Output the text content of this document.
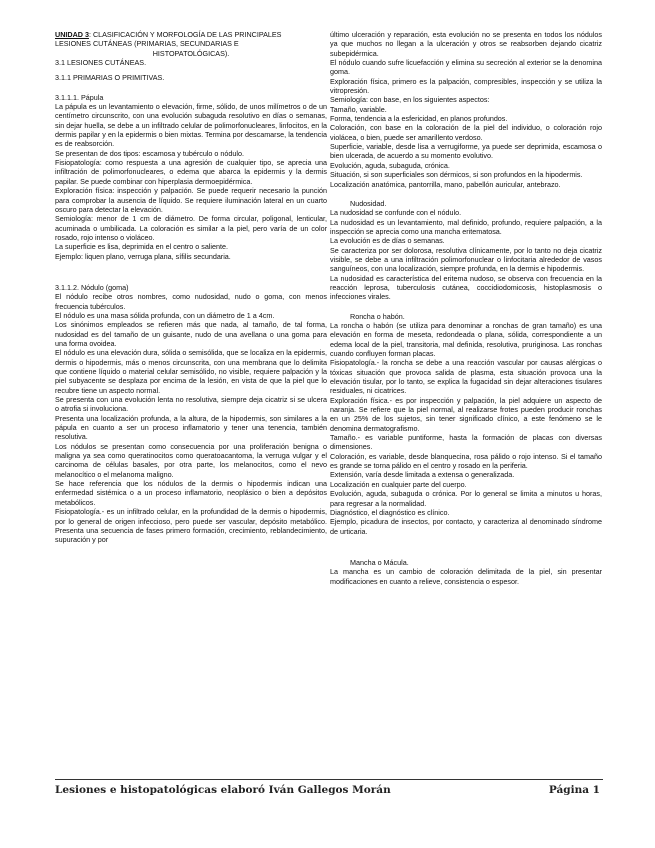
UNIDAD 3: CLASIFICACIÓN Y MORFOLOGÍA DE LAS PRINCIPALES

LESIONES CUTÁNEAS (PRIMARIAS, SECUNDARIAS E

HISTOPATOLÓGICAS).

3.1 LESIONES CUTÁNEAS.

3.1.1 PRIMARIAS O PRIMITIVAS.

3.1.1.1. Pápula

La pápula es un levantamiento o elevación, firme, sólido, de unos milímetros o de un centímetro circunscrito, con una evolución subaguda resolutivo en días o semanas, sin dejar huella, se debe a un infiltrado celular de polimorfonucleares, linfocitos, en la dermis papilar y en la epidermis o bien mixtas. Termina por descamarse, la tendencia es de reabsorción.

Se presentan de dos tipos: escamosa y tubérculo o nódulo.

Fisiopatología: como respuesta a una agresión de cualquier tipo, se aprecia una infiltración de polimorfonucleares, o edema que abarca la epidermis y la dermis papilar. Se puede combinar con hiperplasia dermoepidérmica.

Exploración física: inspección y palpación. Se puede requerir necesario la punción para comprobar la ausencia de líquido. Se requiere iluminación lateral en un cuarto oscuro para detectar la elevación.

Semiología: menor de 1 cm de diámetro. De forma circular, poligonal, lenticular, acuminada o umbilicada. La coloración es similar a la piel, pero varía de un color rosado, rojo intenso o violáceo.

La superficie es lisa, deprimida en el centro o saliente.

Ejemplo: liquen plano, verruga plana, sífilis secundaria.

3.1.1.2. Nódulo (goma)

El nódulo recibe otros nombres, como nudosidad, nudo o goma, con menos frecuencia tubérculos.

El nódulo es una masa sólida profunda, con un diámetro de 1 a 4cm.

Los sinónimos empleados se refieren más que nada, al tamaño, de tal forma, nudosidad es del tamaño de un guisante, nudo de una avellana o una goma para una forma ovoidea.

El nódulo es una elevación dura, sólida o semisólida, que se localiza en la epidermis, dermis o hipodermis, más o menos circunscrita, con una membrana que lo delimita que contiene líquido o material celular semisólido, no visible, requiere palpación y la piel subyacente se desplaza por encima de la lesión, en vista de que la piel que lo recubre tiene un aspecto normal.

Se presenta con una evolución lenta no resolutiva, siempre deja cicatriz si se ulcera o atrofia si involuciona.

Presenta una localización profunda, a la altura, de la hipodermis, son similares a la pápula en cuanto a ser un proceso inflamatorio y tener una tenencia, también resolutiva.

Los nódulos se presentan como consecuencia por una proliferación benigna o maligna ya sea como queratinocitos como queratoacantoma, la verruga vulgar y el carcinoma de células basales, por otra parte, los melanocitos, como el nevo melanocítico o el melanoma maligno.

Se hace referencia que los nódulos de la dermis o hipodermis indican una enfermedad sistémica o a un proceso inflamatorio, neoplásico o bien a depósitos metabólicos.

Fisiopatología.- es un infiltrado celular, en la profundidad de la dermis o hipodermis, por lo general de origen infeccioso, pero puede ser vascular, depósito metabólico. Presenta una secuencia de fases primero formación, crecimiento, reblandecimiento, supuración y por

último ulceración y reparación, esta evolución no se presenta en todos los nódulos ya que muchos no llegan a la ulceración y otros se reabsorben dejando cicatriz subepidérmica.

El nódulo cuando sufre licuefacción y elimina su secreción al exterior se la denomina goma.

Exploración física, primero es la palpación, compresibles, inspección y se utiliza la vitropresión.

Semiología: con base, en los siguientes aspectos:

Tamaño, variable.

Forma, tendencia a la esfericidad, en planos profundos.

Coloración, con base en la coloración de la piel del individuo, o coloración rojo violácea, o bien, puede ser amarillento verdoso.

Superficie, variable, desde lisa a verrugiforme, ya puede ser deprimida, escamosa o bien ulcerada, de acuerdo a su momento evolutivo.

Evolución, aguda, subaguda, crónica.

Situación, si son superficiales son dérmicos, si son profundos en la hipodermis.

Localización anatómica, pantorrilla, mano, pabellón auricular, antebrazo.

Nudosidad.

La nudosidad se confunde con el nódulo.

La nudosidad es un levantamiento, mal definido, profundo, requiere palpación, a la inspección se aprecia como una mancha eritematosa.

La evolución es de días o semanas.

Se caracteriza por ser dolorosa, resolutiva clínicamente, por lo tanto no deja cicatriz visible, se debe a una infiltración polimorfonuclear o linfocitaria alrededor de vasos sanguíneos, con una localización, siempre profunda, en la dermis e hipodermis.

La nudosidad es característica del eritema nudoso, se observa con frecuencia en la reacción leprosa, tuberculosis cutánea, coccidiodomicosis, histoplasmosis o infecciones virales.

Roncha o habón.

La roncha o habón (se utiliza para denominar a ronchas de gran tamaño) es una elevación en forma de meseta, redondeada o plana, sólida, correspondiente a un edema local de la piel, transitoria, mal definida, resolutiva, pruriginosa. Las ronchas cuando confluyen forman placas.

Fisiopatología.- la roncha se debe a una reacción vascular por causas alérgicas o tóxicas situación que provoca salida de plasma, esta situación provoca una la elevación tisular, por lo tanto, se explica la fugacidad sin dejar alteraciones tisulares residuales, ni cicatrices.

Exploración física.- es por inspección y palpación, la piel adquiere un aspecto de naranja. Se refiere que la piel normal, al realizarse frotes pueden producir ronchas en un 25% de los sujetos, sin tener significado clínico, a este fenómeno se le denomina dermatografismo.

Tamaño.- es variable puntiforme, hasta la formación de placas con diversas dimensiones.

Coloración, es variable, desde blanquecina, rosa pálido o rojo intenso. Si el tamaño es grande se torna pálido en el centro y rosado en la periferia.

Extensión, varía desde limitada a extensa o generalizada.

Localización en cualquier parte del cuerpo.

Evolución, aguda, subaguda o crónica. Por lo general se limita a minutos u horas, para regresar a la normalidad.

Diagnóstico, el diagnóstico es clínico.

Ejemplo, picadura de insectos, por contacto, y caracteriza al denominado síndrome de urticaria.

Mancha o Mácula.

La mancha es un cambio de coloración delimitada de la piel, sin presentar modificaciones en cuanto a relieve, consistencia o espesor.

Lesiones e histopatológicas elaboró Iván Gallegos Morán	Página 1
